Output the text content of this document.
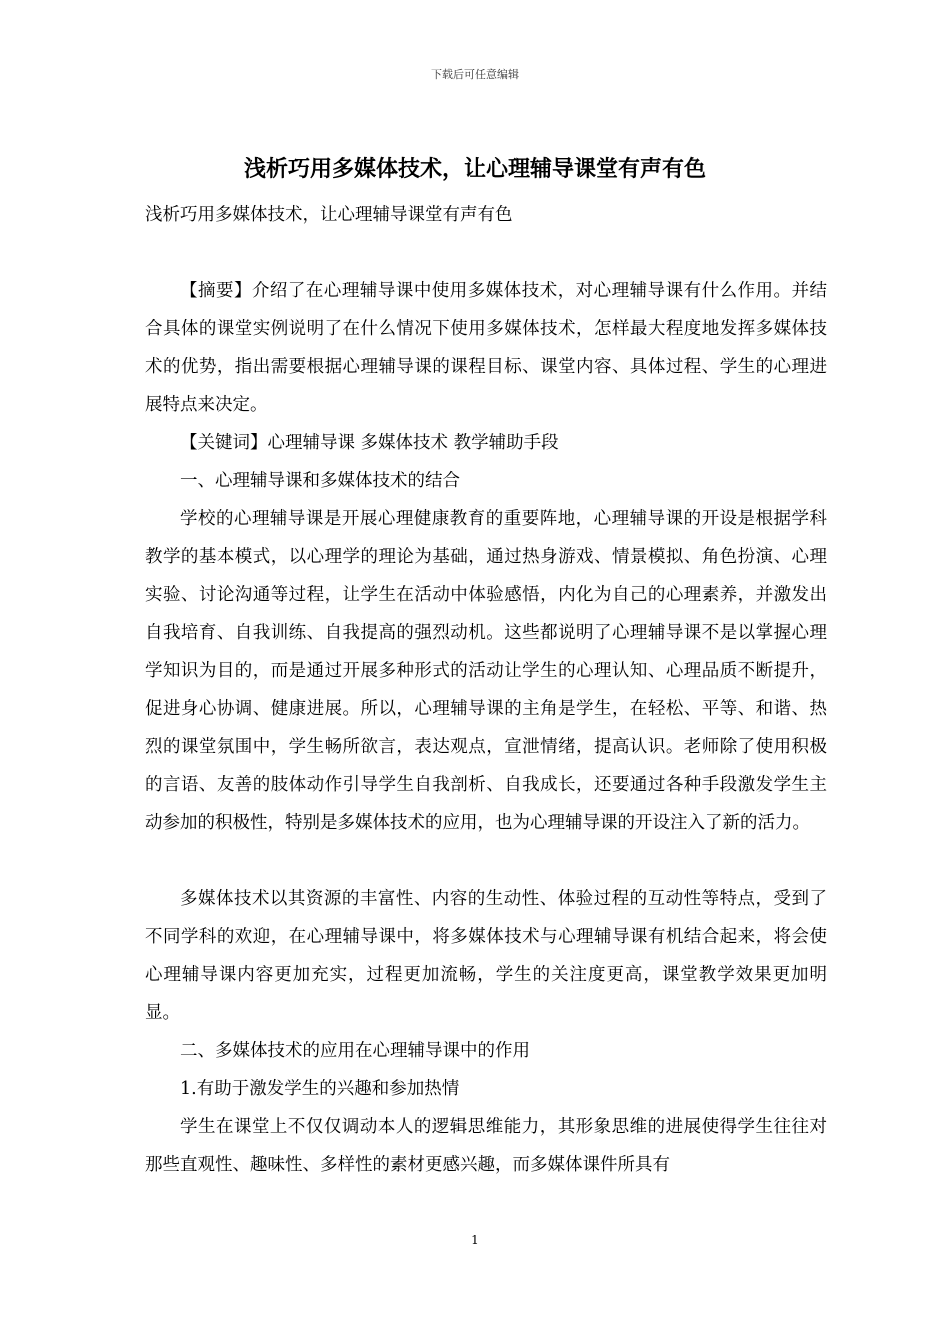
下载后可任意编辑
浅析巧用多媒体技术，让心理辅导课堂有声有色

浅析巧用多媒体技术，让心理辅导课堂有声有色

【摘要】介绍了在心理辅导课中使用多媒体技术，对心理辅导课有什么作用。并结合具体的课堂实例说明了在什么情况下使用多媒体技术，怎样最大程度地发挥多媒体技术的优势，指出需要根据心理辅导课的课程目标、课堂内容、具体过程、学生的心理进展特点来决定。

【关键词】心理辅导课 多媒体技术 教学辅助手段

一、心理辅导课和多媒体技术的结合

学校的心理辅导课是开展心理健康教育的重要阵地，心理辅导课的开设是根据学科教学的基本模式，以心理学的理论为基础，通过热身游戏、情景模拟、角色扮演、心理实验、讨论沟通等过程，让学生在活动中体验感悟，内化为自己的心理素养，并激发出自我培育、自我训练、自我提高的强烈动机。这些都说明了心理辅导课不是以掌握心理学知识为目的，而是通过开展多种形式的活动让学生的心理认知、心理品质不断提升，促进身心协调、健康进展。所以，心理辅导课的主角是学生，在轻松、平等、和谐、热烈的课堂氛围中，学生畅所欲言，表达观点，宣泄情绪，提高认识。老师除了使用积极的言语、友善的肢体动作引导学生自我剖析、自我成长，还要通过各种手段激发学生主动参加的积极性，特别是多媒体技术的应用，也为心理辅导课的开设注入了新的活力。

多媒体技术以其资源的丰富性、内容的生动性、体验过程的互动性等特点，受到了不同学科的欢迎，在心理辅导课中，将多媒体技术与心理辅导课有机结合起来，将会使心理辅导课内容更加充实，过程更加流畅，学生的关注度更高，课堂教学效果更加明显。

二、多媒体技术的应用在心理辅导课中的作用

1.有助于激发学生的兴趣和参加热情

学生在课堂上不仅仅调动本人的逻辑思维能力，其形象思维的进展使得学生往往对那些直观性、趣味性、多样性的素材更感兴趣，而多媒体课件所具有

1
